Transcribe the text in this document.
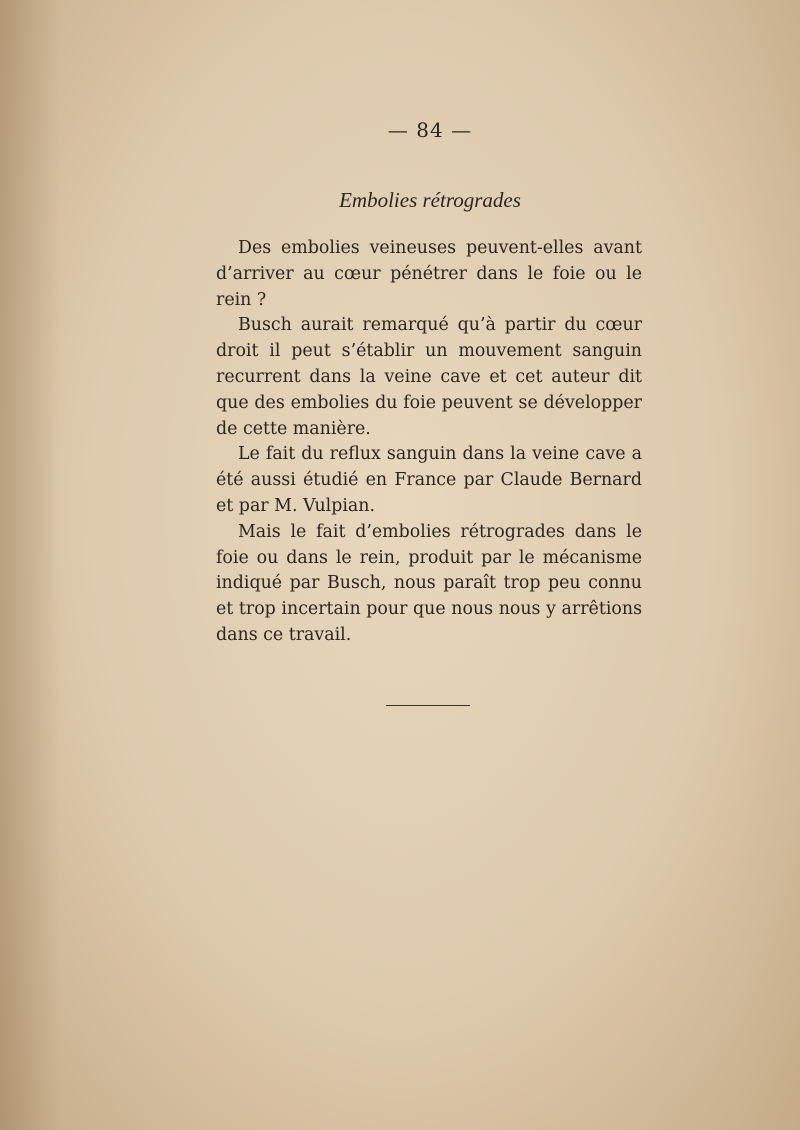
— 84 —
Embolies rétrogrades

Des embolies veineuses peuvent-elles avant d’arriver au cœur pénétrer dans le foie ou le rein ?

Busch aurait remarqué qu’à partir du cœur droit il peut s’établir un mouvement sanguin recurrent dans la veine cave et cet auteur dit que des embolies du foie peuvent se développer de cette manière.

Le fait du reflux sanguin dans la veine cave a été aussi étudié en France par Claude Bernard et par M. Vulpian.

Mais le fait d’embolies rétrogrades dans le foie ou dans le rein, produit par le mécanisme indiqué par Busch, nous paraît trop peu connu et trop incertain pour que nous nous y arrêtions dans ce travail.
